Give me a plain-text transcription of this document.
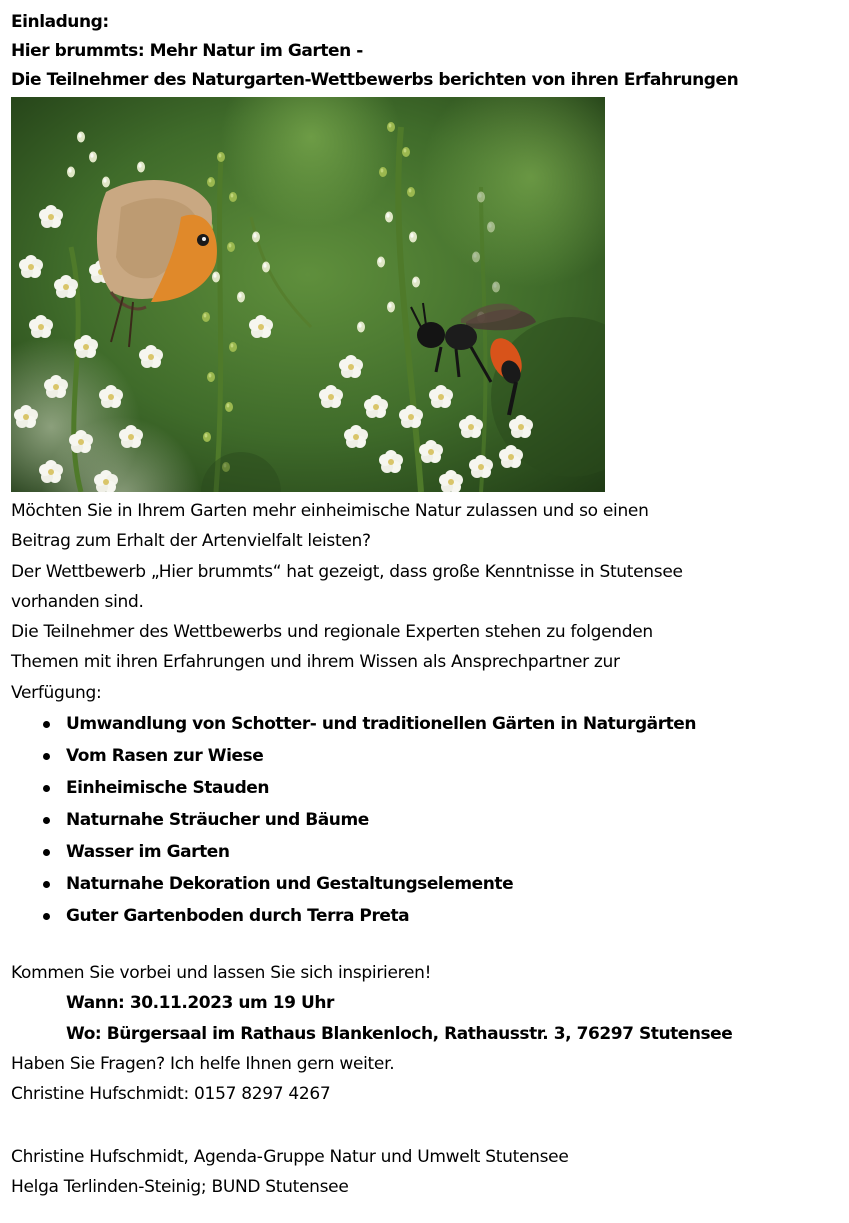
Einladung:
Hier brummts: Mehr Natur im Garten -
Die Teilnehmer des Naturgarten-Wettbewerbs berichten von ihren Erfahrungen
Möchten Sie in Ihrem Garten mehr einheimische Natur zulassen und so einen
Beitrag zum Erhalt der Artenvielfalt leisten?
Der Wettbewerb „Hier brummts“ hat gezeigt, dass große Kenntnisse in Stutensee
vorhanden sind.
Die Teilnehmer des Wettbewerbs und regionale Experten stehen zu folgenden
Themen mit ihren Erfahrungen und ihrem Wissen als Ansprechpartner zur
Verfügung:
Umwandlung von Schotter- und traditionellen Gärten in Naturgärten
Vom Rasen zur Wiese
Einheimische Stauden
Naturnahe Sträucher und Bäume
Wasser im Garten
Naturnahe Dekoration und Gestaltungselemente
Guter Gartenboden durch Terra Preta
Kommen Sie vorbei und lassen Sie sich inspirieren!
Wann: 30.11.2023 um 19 Uhr
Wo: Bürgersaal im Rathaus Blankenloch, Rathausstr. 3, 76297 Stutensee
Haben Sie Fragen? Ich helfe Ihnen gern weiter.
Christine Hufschmidt: 0157 8297 4267
Christine Hufschmidt, Agenda-Gruppe Natur und Umwelt Stutensee
Helga Terlinden-Steinig; BUND Stutensee
